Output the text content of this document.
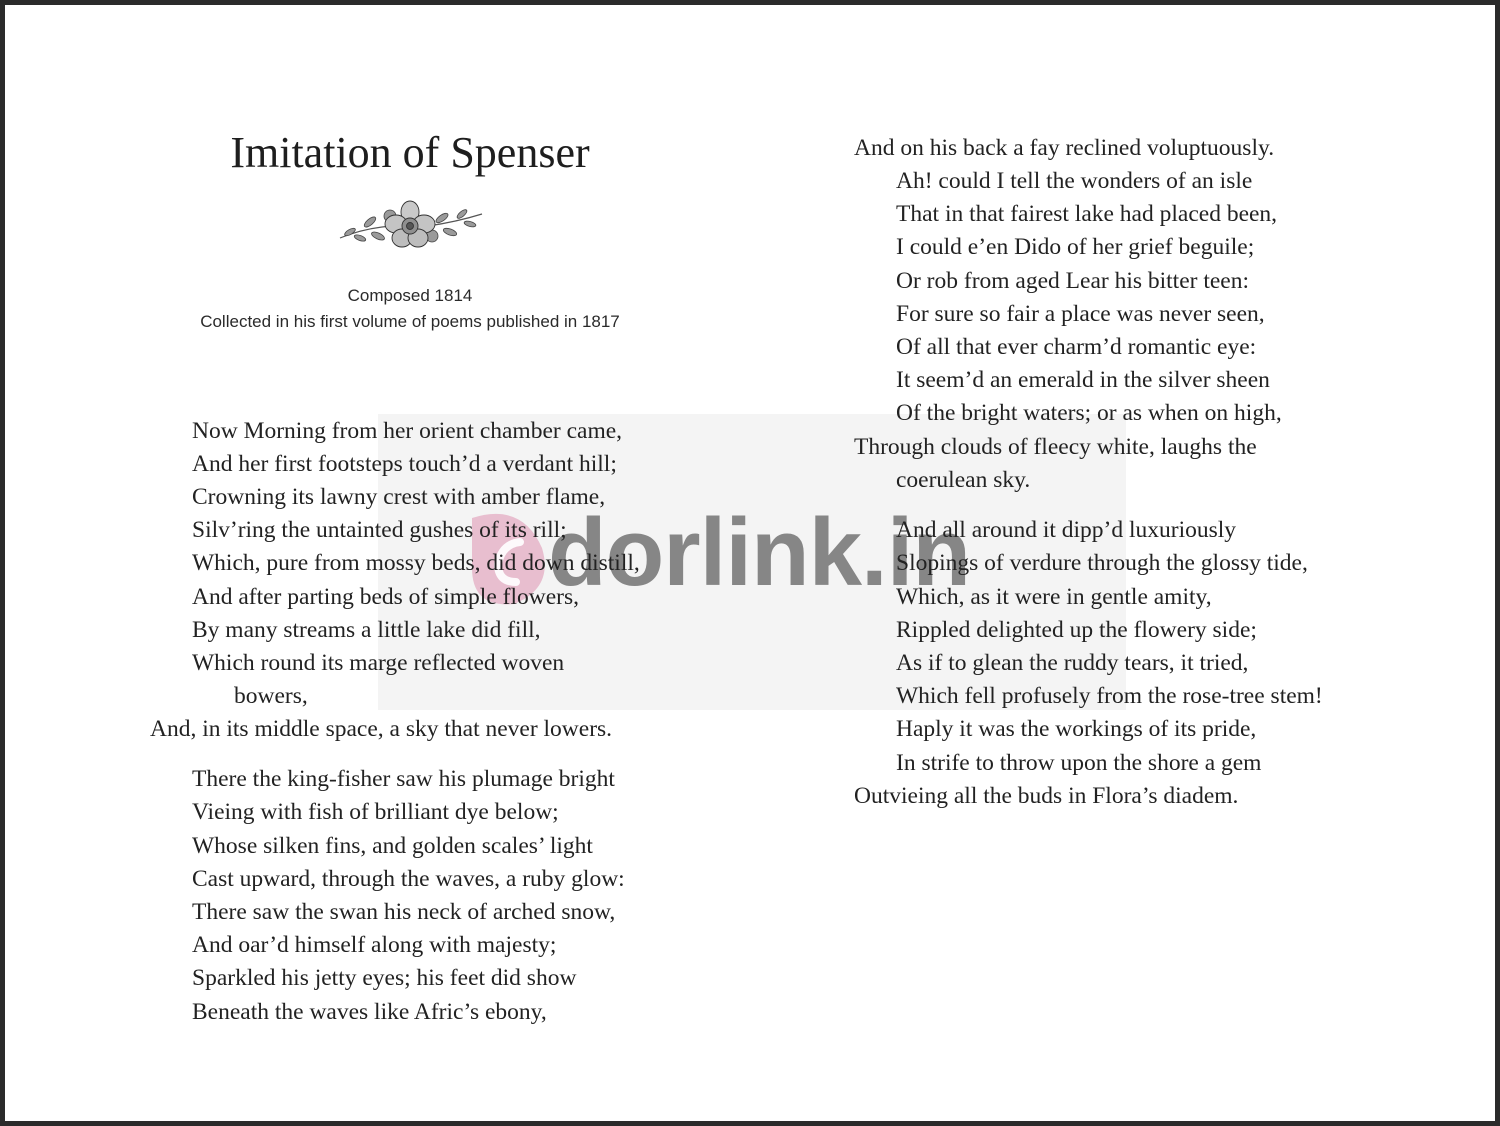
Imitation of Spenser
Composed 1814
Collected in his first volume of poems published in 1817
dorlink.in
Now Morning from her orient chamber came,
And her first footsteps touch’d a verdant hill;
Crowning its lawny crest with amber flame,
Silv’ring the untainted gushes of its rill;
Which, pure from mossy beds, did down distill,
And after parting beds of simple flowers,
By many streams a little lake did fill,
Which round its marge reflected woven
bowers,
And, in its middle space, a sky that never lowers.
There the king-fisher saw his plumage bright
Vieing with fish of brilliant dye below;
Whose silken fins, and golden scales’ light
Cast upward, through the waves, a ruby glow:
There saw the swan his neck of arched snow,
And oar’d himself along with majesty;
Sparkled his jetty eyes; his feet did show
Beneath the waves like Afric’s ebony,
And on his back a fay reclined voluptuously.
Ah! could I tell the wonders of an isle
That in that fairest lake had placed been,
I could e’en Dido of her grief beguile;
Or rob from aged Lear his bitter teen:
For sure so fair a place was never seen,
Of all that ever charm’d romantic eye:
It seem’d an emerald in the silver sheen
Of the bright waters; or as when on high,
Through clouds of fleecy white, laughs the
coerulean sky.
And all around it dipp’d luxuriously
Slopings of verdure through the glossy tide,
Which, as it were in gentle amity,
Rippled delighted up the flowery side;
As if to glean the ruddy tears, it tried,
Which fell profusely from the rose-tree stem!
Haply it was the workings of its pride,
In strife to throw upon the shore a gem
Outvieing all the buds in Flora’s diadem.
